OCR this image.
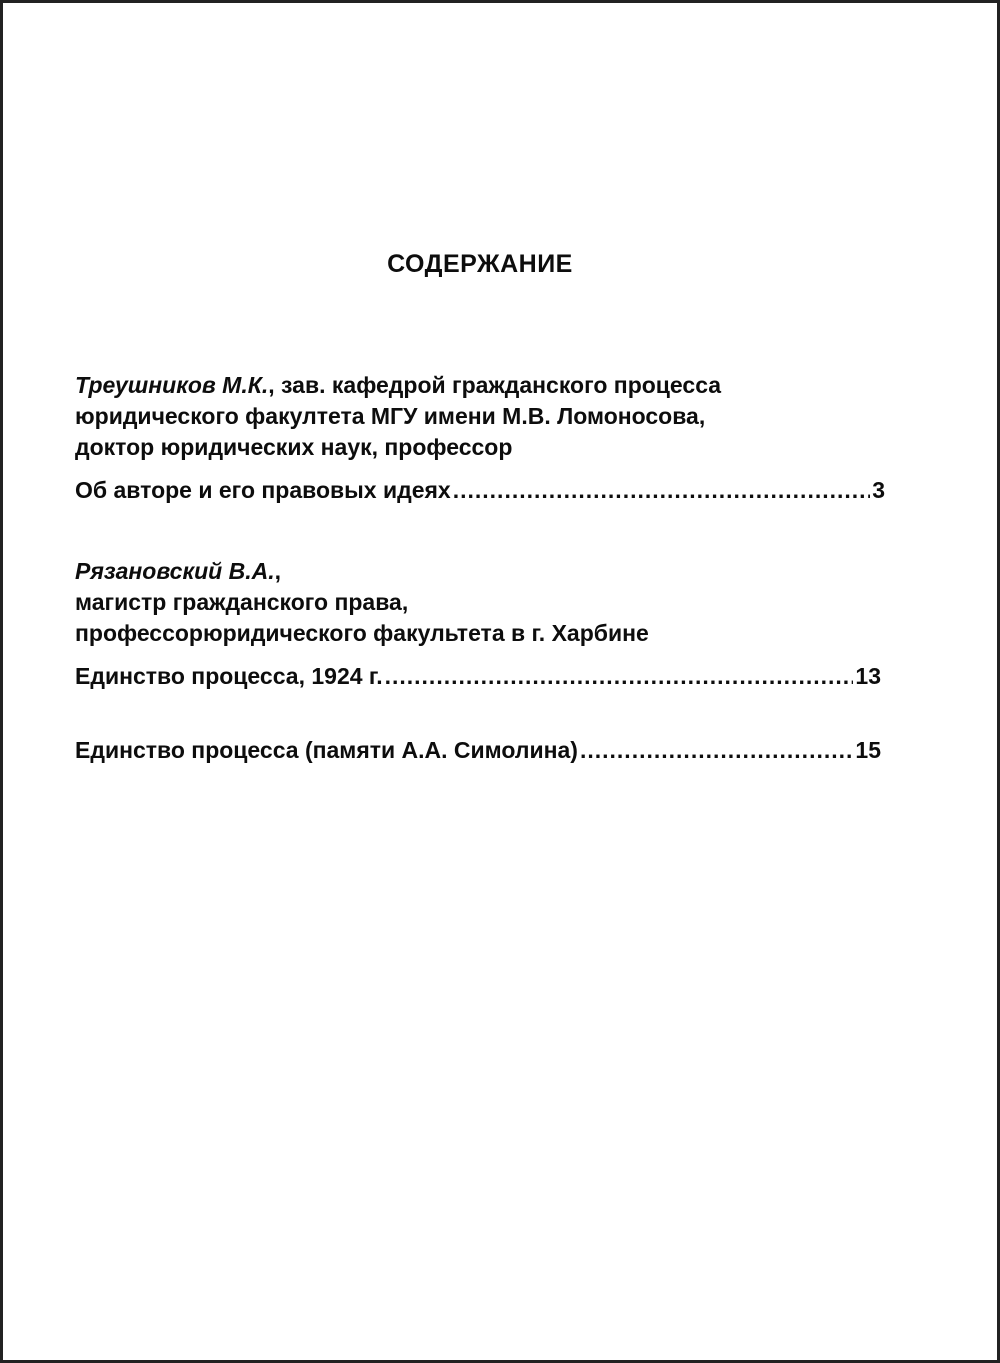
СОДЕРЖАНИЕ
Треушников М.К., зав. кафедрой гражданского процесса
юридического факултета МГУ имени М.В. Ломоносова,
доктор юридических наук, профессор
Об авторе и его правовых идеях .....	3
Рязановский В.А.,
магистр гражданского права,
профессорюридического факультета в г. Харбине
Единство процесса, 1924 г. .....	13
Единство процесса (памяти А.А. Симолина) .....	15
